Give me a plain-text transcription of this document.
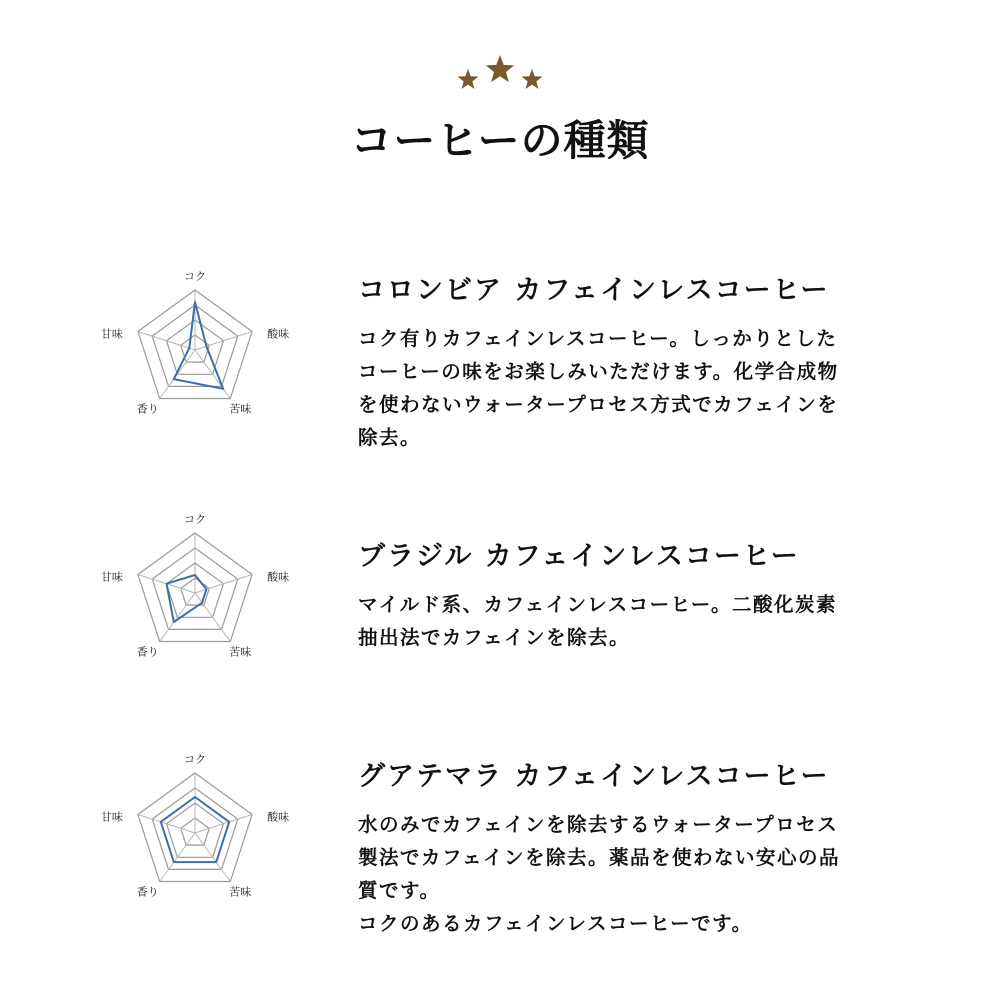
コーヒーの種類
コク
酸味
苦味
香り
甘味
コロンビア カフェインレスコーヒー

コク有りカフェインレスコーヒー。しっかりとした
コーヒーの味をお楽しみいただけます。化学合成物
を使わないウォータープロセス方式でカフェインを
除去。

コク
酸味
苦味
香り
甘味
ブラジル カフェインレスコーヒー

マイルド系、カフェインレスコーヒー。二酸化炭素
抽出法でカフェインを除去。

コク
酸味
苦味
香り
甘味
グアテマラ カフェインレスコーヒー

水のみでカフェインを除去するウォータープロセス
製法でカフェインを除去。薬品を使わない安心の品
質です。
コクのあるカフェインレスコーヒーです。
